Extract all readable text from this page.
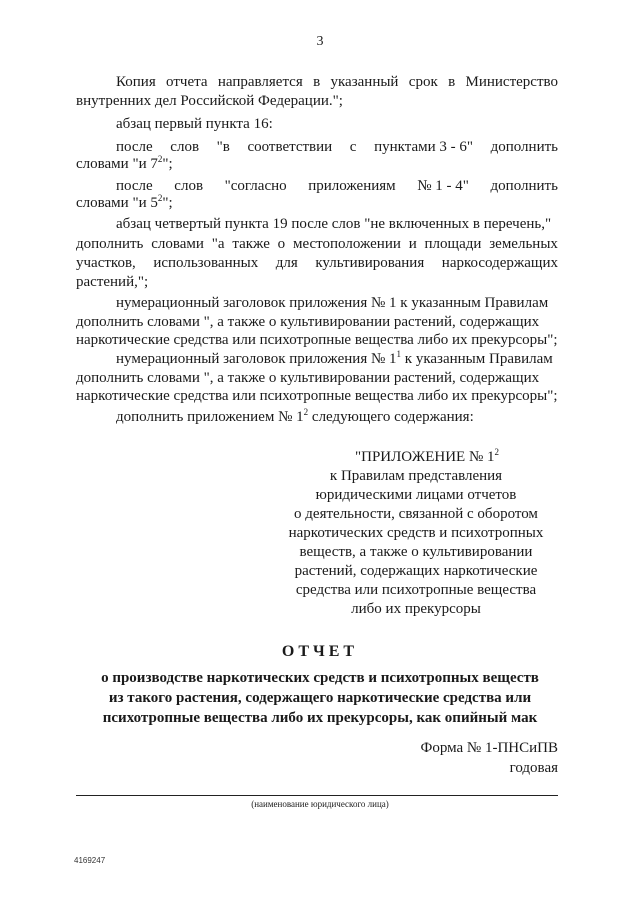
3
Копия отчета направляется в указанный срок в Министерство
внутренних дел Российской Федерации.";
абзац первый пункта 16:
после слов "в соответствии с пунктами 3 - 6" дополнить
словами "и $7^2$";
после слов "согласно приложениям № 1 - 4" дополнить
словами "и $5^2$";
абзац четвертый пункта 19 после слов "не включенных в перечень,"
дополнить словами "а также о местоположении и площади земельных
участков, использованных для культивирования наркосодержащих
растений,";
нумерационный заголовок приложения № 1 к указанным Правилам
дополнить словами ", а также о культивировании растений, содержащих
наркотические средства или психотропные вещества либо их прекурсоры";
нумерационный заголовок приложения № $1^1$ к указанным Правилам
дополнить словами ", а также о культивировании растений, содержащих
наркотические средства или психотропные вещества либо их прекурсоры";
дополнить приложением № $1^2$ следующего содержания:
"ПРИЛОЖЕНИЕ № $1^2$
к Правилам представления
юридическими лицами отчетов
о деятельности, связанной с оборотом
наркотических средств и психотропных
веществ, а также о культивировании
растений, содержащих наркотические
средства или психотропные вещества
либо их прекурсоры
ОТЧЕТ
о производстве наркотических средств и психотропных веществ
из такого растения, содержащего наркотические средства или
психотропные вещества либо их прекурсоры, как опийный мак
Форма № 1-ПНСиПВ
годовая
(наименование юридического лица)
4169247
